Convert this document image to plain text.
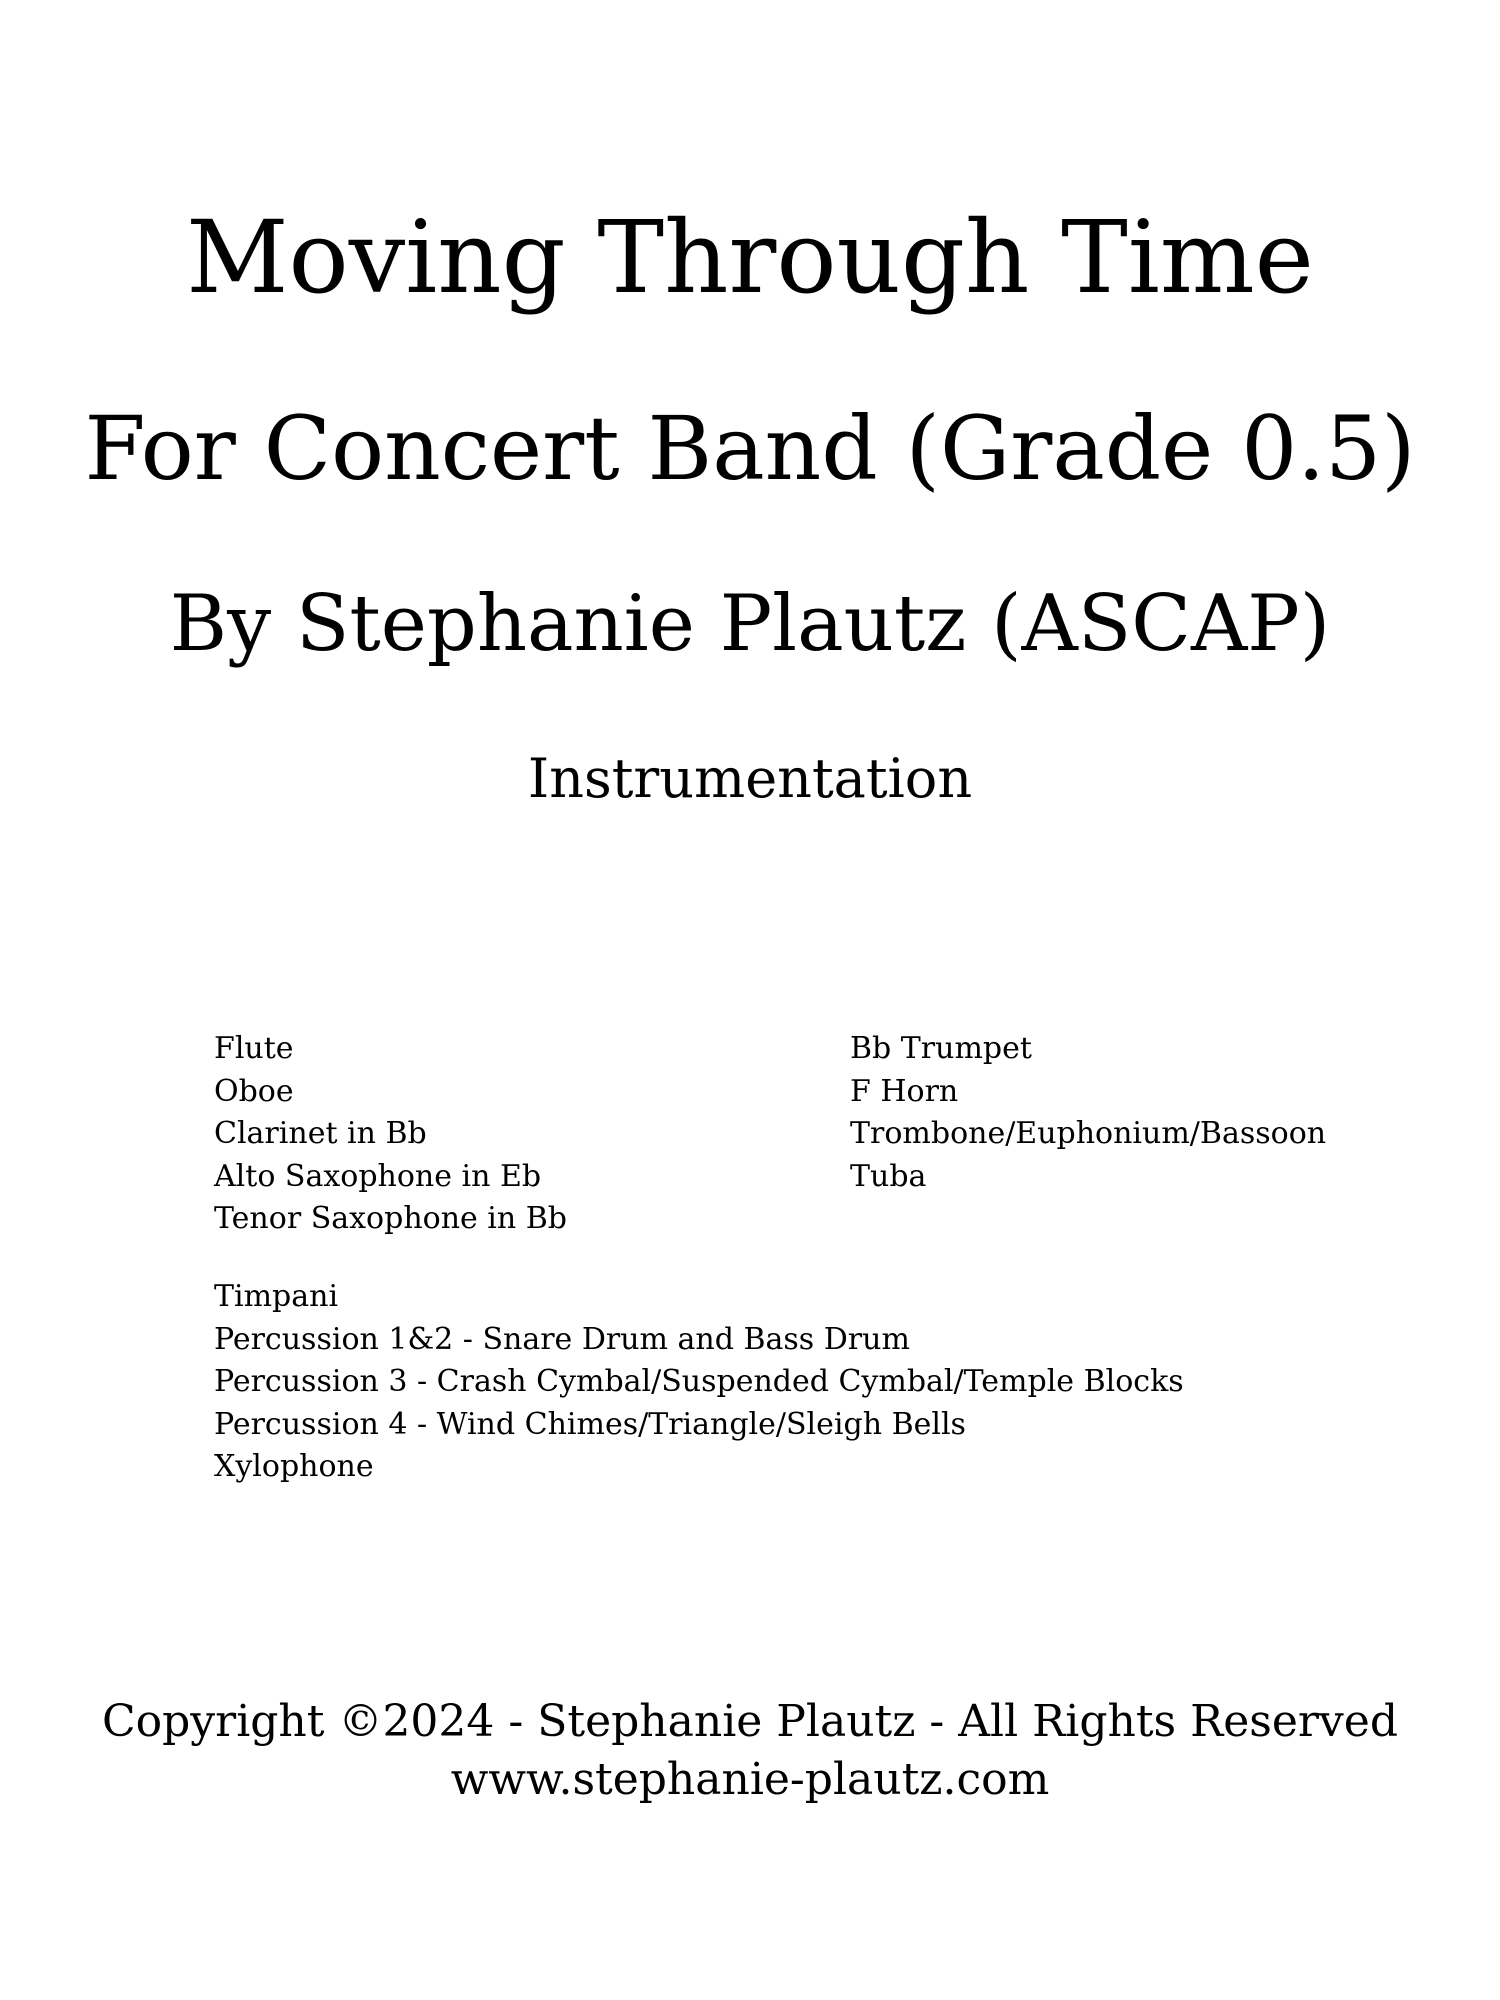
Moving Through Time
For Concert Band (Grade 0.5)
By Stephanie Plautz (ASCAP)
Instrumentation
Flute
Oboe
Clarinet in Bb
Alto Saxophone in Eb
Tenor Saxophone in Bb
Bb Trumpet
F Horn
Trombone/Euphonium/Bassoon
Tuba
Timpani
Percussion 1&2 - Snare Drum and Bass Drum
Percussion 3 - Crash Cymbal/Suspended Cymbal/Temple Blocks
Percussion 4 - Wind Chimes/Triangle/Sleigh Bells
Xylophone
Copyright ©2024 - Stephanie Plautz - All Rights Reserved
www.stephanie-plautz.com
